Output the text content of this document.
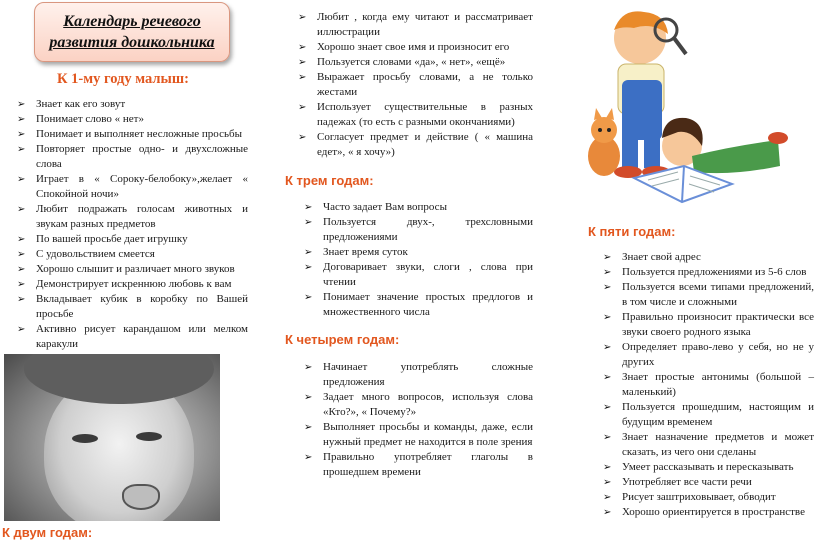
Календарь речевого
развития дошкольника
К 1-му году малыш:
➢ Знает как его зовут
➢ Понимает слово « нет»
➢ Понимает и выполняет несложные просьбы
➢ Повторяет простые одно- и двухсложные слова
➢ Играет в « Сороку-белобоку»,желает « Спокойной ночи»
➢ Любит подражать голосам животных и звукам разных предметов
➢ По вашей просьбе дает игрушку
➢ С удовольствием смеется
➢ Хорошо слышит и различает много звуков
➢ Демонстрирует искреннюю любовь к вам
➢ Вкладывает кубик в коробку по Вашей просьбе
➢ Активно рисует карандашом или мелком каракули
К двум годам:
➢ Любит , когда ему читают и рассматривает иллюстрации
➢ Хорошо знает свое имя и произносит его
➢ Пользуется словами «да», « нет», «ещё»
➢ Выражает просьбу словами, а не только жестами
➢ Использует существительные в разных падежах (то есть с разными окончаниями)
➢ Согласует предмет и действие ( « машина едет», « я хочу»)
К трем годам:
➢ Часто задает Вам вопросы
➢ Пользуется двух-, трехсловными предложениями
➢ Знает время суток
➢ Договаривает звуки, слоги , слова при чтении
➢ Понимает значение простых предлогов и множественного числа
К четырем годам:
➢ Начинает употреблять сложные предложения
➢ Задает много вопросов, используя слова «Кто?», « Почему?»
➢ Выполняет просьбы и команды, даже, если нужный предмет не находится в поле зрения
➢ Правильно употребляет глаголы в прошедшем времени
К пяти годам:
➢ Знает свой адрес
➢ Пользуется предложениями из 5-6 слов
➢ Пользуется всеми типами предложений, в том числе и сложными
➢ Правильно произносит практически все звуки своего родного языка
➢ Определяет право-лево у себя, но не у других
➢ Знает простые антонимы (большой – маленький)
➢ Пользуется прошедшим, настоящим и будущим временем
➢ Знает назначение предметов и может сказать, из чего они сделаны
➢ Умеет рассказывать и пересказывать
➢ Употребляет все части речи
➢ Рисует заштриховывает, обводит
➢ Хорошо ориентируется в пространстве
